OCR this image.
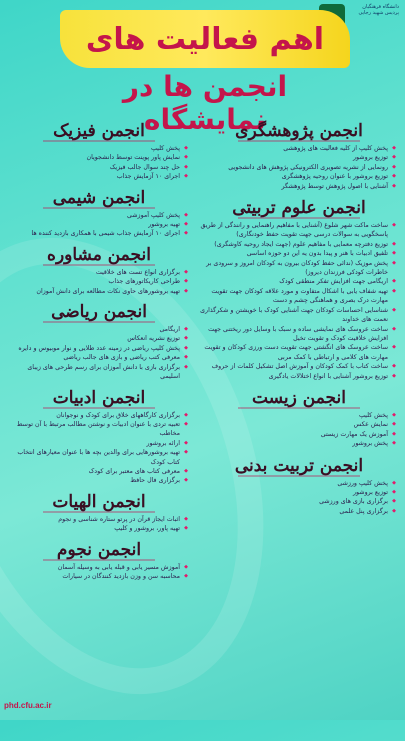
دانشگاه فرهنگیان پردیس شهید رجایی
اهم فعالیت های
انجمن ها در نمایشگاه
انجمن پژوهشگری
◆ پخش کلیپ از کلیه فعالیت های پژوهشی
◆ توزیع بروشور
◆ رونمایی از نشریه تصویری الکترونیکی پژوهش های دانشجویی
◆ توزیع بروشور با عنوان روحیه پژوهشگری
◆ آشنایی با اصول پژوهش توسط پژوهشگر
انجمن علوم تربیتی
◆ ساخت ماکت شهر شلوغ (آشنایی با مفاهیم راهنمایی و رانندگی از طریق پاسخگویی به سوالات درسی جهت تقویت حفظ خودنگاری)
◆ توزیع دفترچه معمایی با مفاهیم علوم (جهت ایجاد روحیه کاوشگری)
◆ تلفیق ادبیات با هنر و پیدا بدون یه این دو حوزه اساسی
◆ پخش موزیک (ندائی حفظ کودکان بیرون به کودکان امروز و سرودی بر خاطرات کودکی فرزندان دیروز)
◆ اریگامی جهت افزایش تفکر منطقی کودک
◆ تهیه شفاف یابی با اشکال متفاوت و مورد علاقه کودکان جهت تقویت مهارت درک بصری و هماهنگی چشم و دست
◆ شناسایی احساسات کودکان جهت آشنایی کودک با خویشتن و شکرگذاری نعمت های خداوند
◆ ساخت عروسک های نمایشی ساده و سبک با وسایل دور ریختنی جهت افزایش خلاقیت کودک و تقویت تخیل
◆ ساخت عروسک های انگشتی جهت تقویت دست ورزی کودکان و تقویت مهارت های کلامی و ارتباطی با کمک مربی
◆ ساخت کتاب با کمک کودکان و آموزش اصل تشکیل کلمات از حروف
◆ توزیع بروشور آشنایی با انواع اختلالات یادگیری
انجمن زیست
◆ پخش کلیپ
◆ نمایش عکس
◆ آموزش یک مهارت زیستی
◆ پخش بروشور
انجمن تربیت بدنی
◆ پخش کلیپ ورزشی
◆ توزیع بروشور
◆ برگزاری بازی های ورزشی
◆ برگزاری پنل علمی
انجمن فیزیک
◆ پخش کلیپ
◆ نمایش پاور پوینت توسط دانشجویان
◆ حل چند سوال جالب فیزیک
◆ اجرای ۱۰ آزمایش جذاب
انجمن شیمی
◆ پخش کلیپ آموزشی
◆ تهیه بروشور
◆ اجرای ۱۰ آزمایش جذاب شیمی با همکاری بازدید کننده ها
انجمن مشاوره
◆ برگزاری انواع تست های خلاقیت
◆ طراحی کاریکاتورهای جذاب
◆ تهیه بروشورهای حاوی نکات مطالعه برای دانش آموزان
انجمن ریاضی
◆ اریگامی
◆ توزیع نشریه انعکاس
◆ پخش کلیپ ریاضی در زمینه عدد طلایی و نوار موبیوس و دایره
◆ معرفی کتب ریاضی و بازی های جالب ریاضی
◆ برگزاری بازی با دانش آموزان برای رسم طرحی های زیبای اسلیمی
انجمن ادبیات
◆ برگزاری کارگاههای خلاق برای کودک و نوجوانان
◆ تعبیه تردی با عنوان ادبیات و نوشتن مطالب مرتبط با آن توسط مخاطب
◆ ارائه بروشور
◆ تهیه بروشورهایی برای والدین بچه ها با عنوان معیارهای انتخاب کتاب کودک
◆ معرفی کتاب های معتبر برای کودک
◆ برگزاری فال حافظ
انجمن الهیات
◆ اثبات ایجاز قرآن در پرتو ستاره شناسی و نجوم
◆ تهیه پاور، بروشور و کلیپ
انجمن نجوم
◆ آموزش مسیر یابی و قبله یابی به وسیله آسمان
◆ محاسبه سن و وزن بازدید کنندگان در سیارات
phd.cfu.ac.ir
